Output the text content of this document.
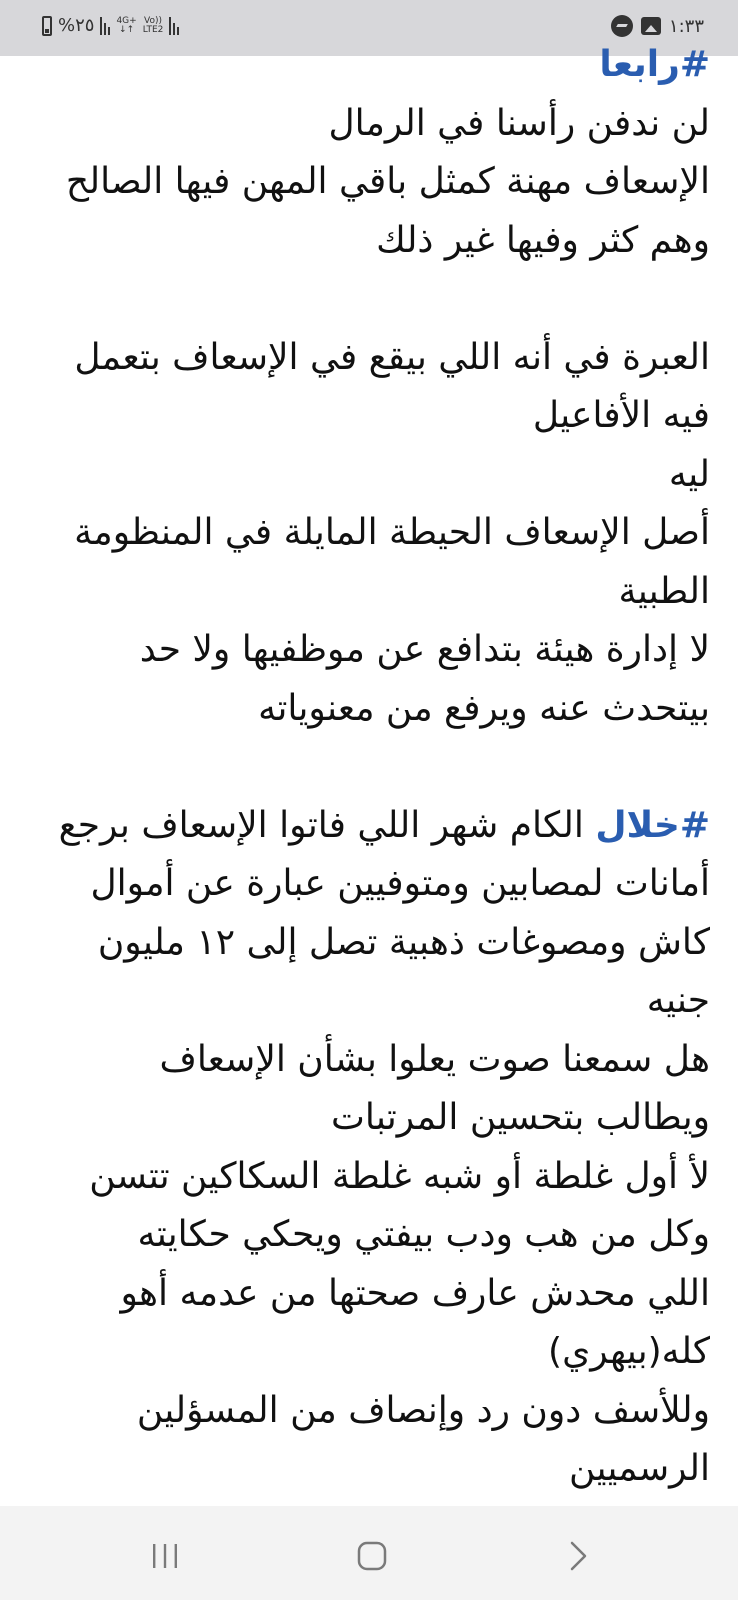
%٢٥ 4G+
↓↑
Vo))
LTE2	١:٣٣
#رابعا
لن ندفن رأسنا في الرمال
الإسعاف مهنة كمثل باقي المهن فيها الصالح
وهم كثر وفيها غير ذلك
العبرة في أنه اللي بيقع في الإسعاف بتعمل
فيه الأفاعيل
ليه
أصل الإسعاف الحيطة المايلة في المنظومة
الطبية
لا إدارة هيئة بتدافع عن موظفيها ولا حد
بيتحدث عنه ويرفع من معنوياته
#خلال الكام شهر اللي فاتوا الإسعاف برجع
أمانات لمصابين ومتوفيين عبارة عن أموال
كاش ومصوغات ذهبية تصل إلى ١٢ مليون
جنيه
هل سمعنا صوت يعلوا بشأن الإسعاف
ويطالب بتحسين المرتبات
لأ أول غلطة أو شبه غلطة السكاكين تتسن
وكل من هب ودب بيفتي ويحكي حكايته
اللي محدش عارف صحتها من عدمه أهو
كله(بيهري)
وللأسف دون رد وإنصاف من المسؤلين
الرسميين
